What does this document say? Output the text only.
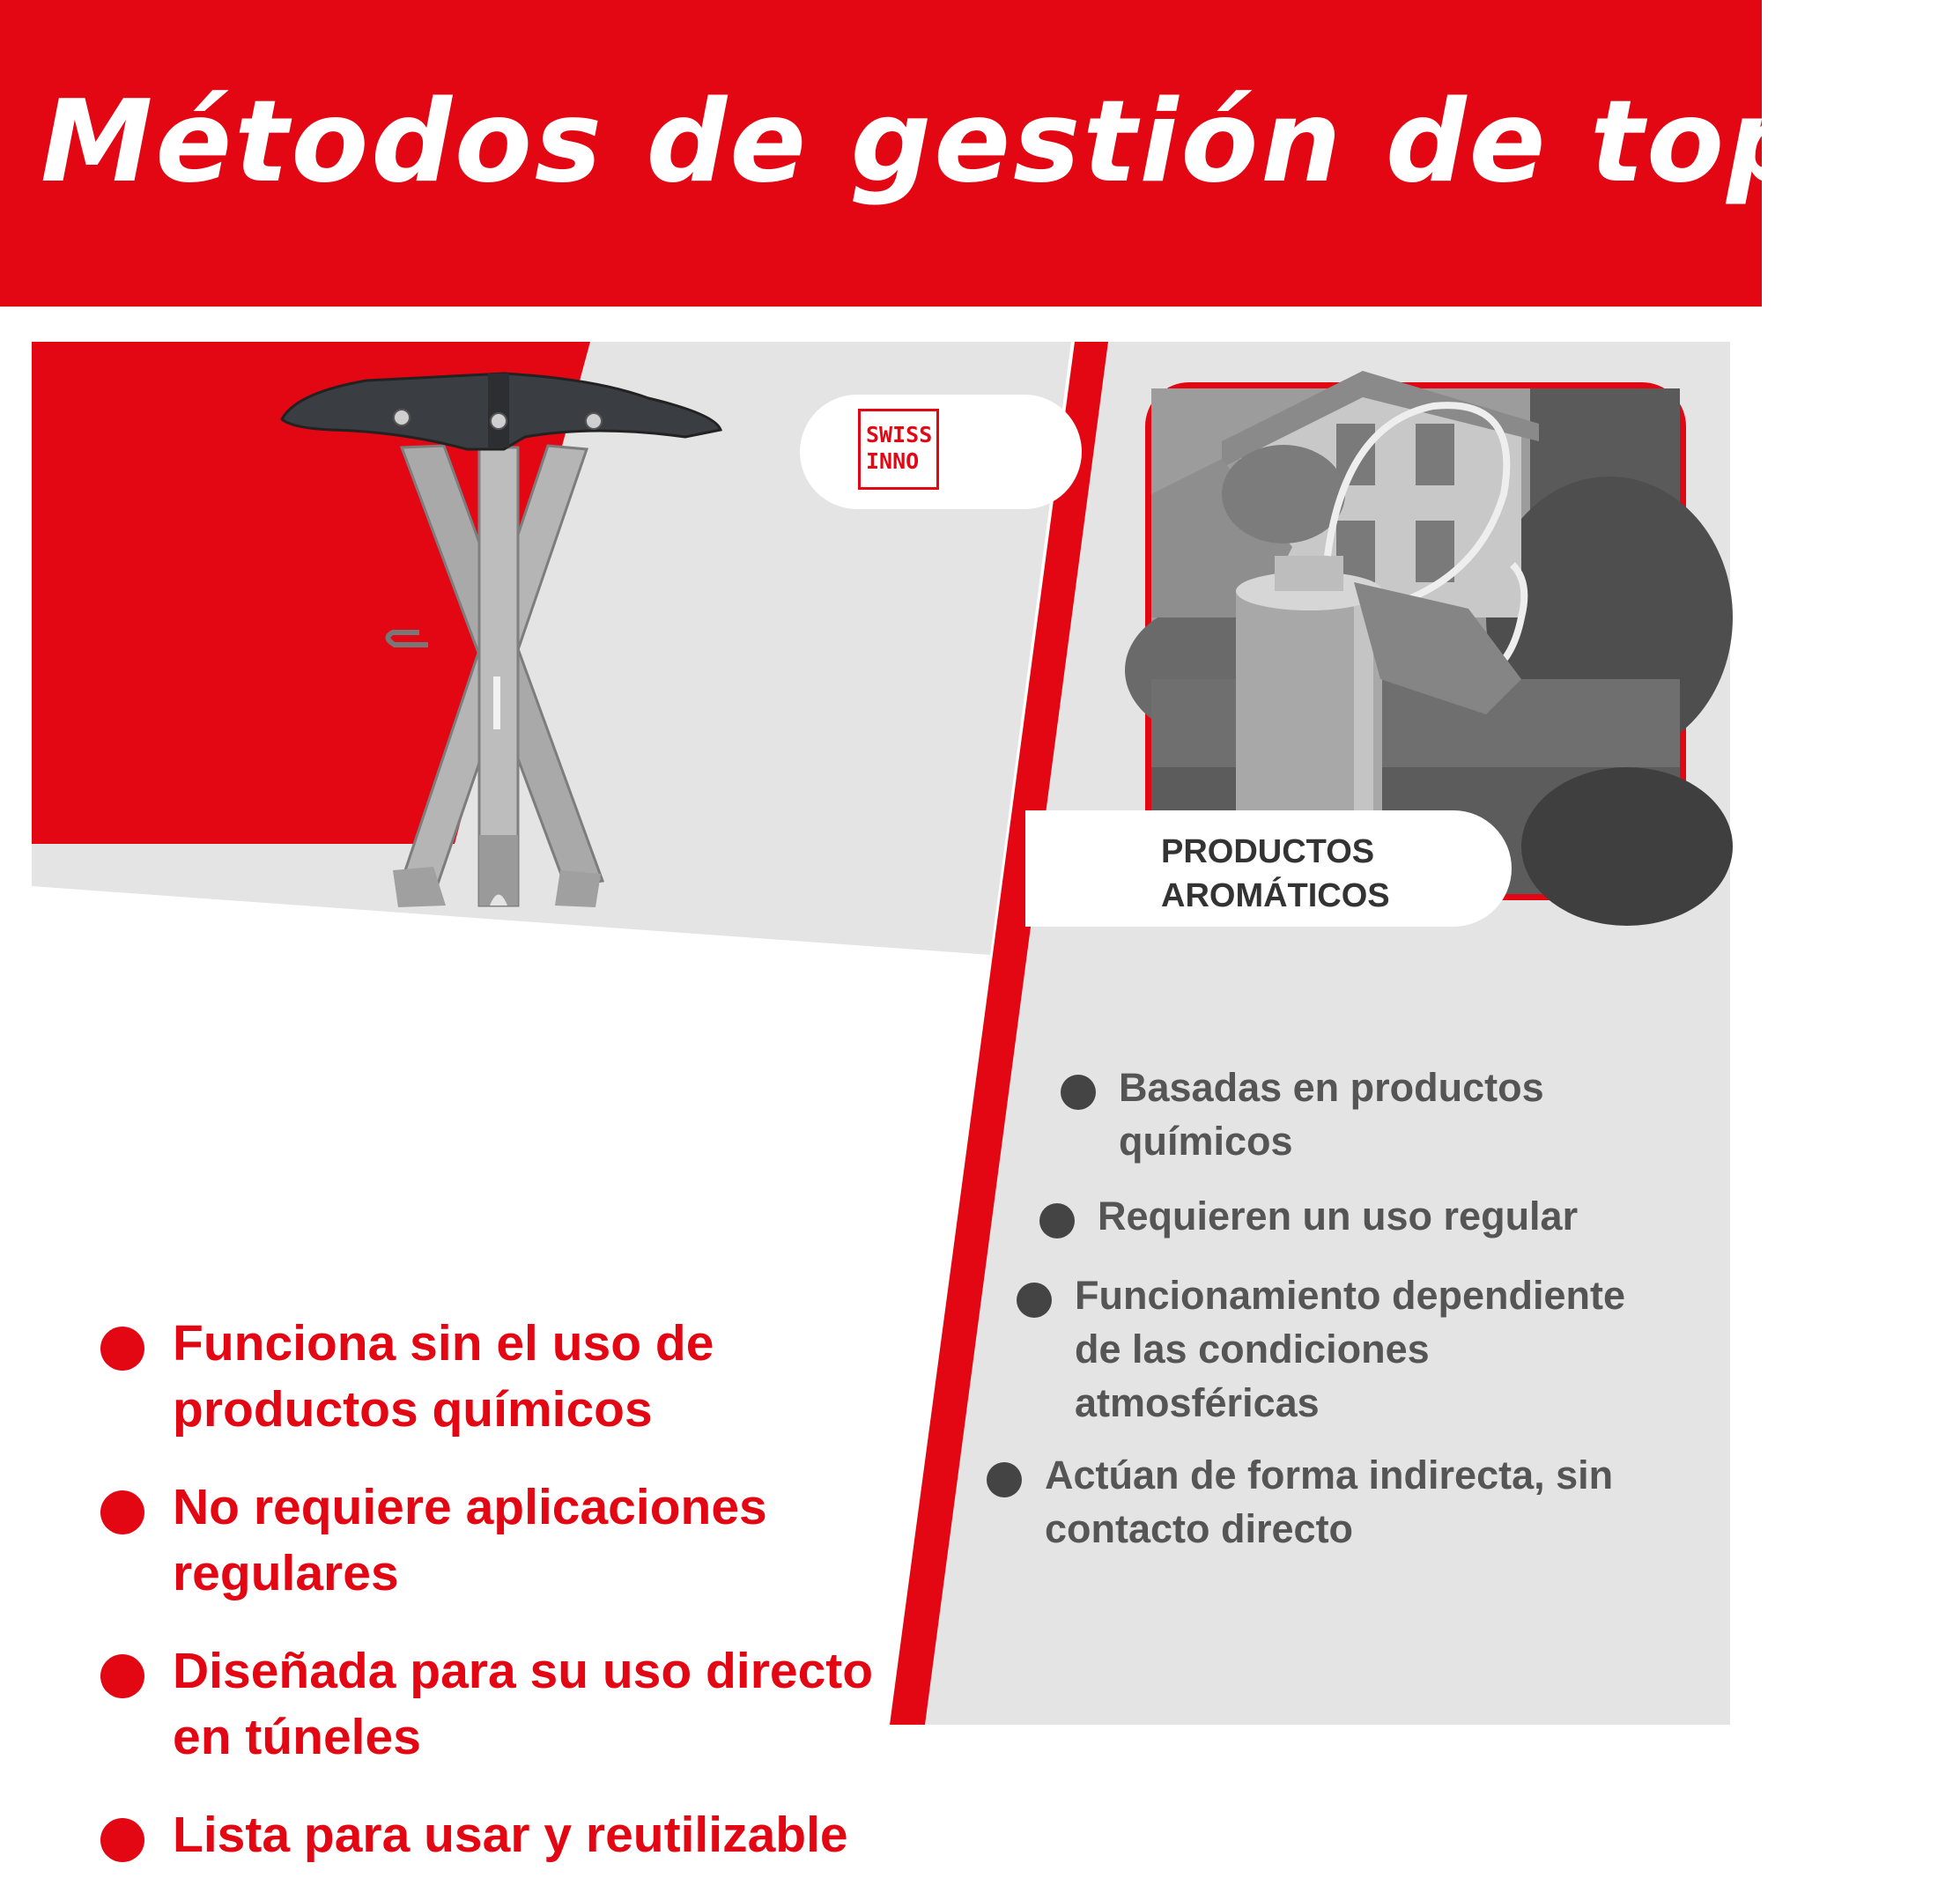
Métodos de gestión de topos
SWISS
INNO
PRODUCTOS AROMÁTICOS
Funciona sin el uso de productos químicos
No requiere aplicaciones regulares
Diseñada para su uso directo en túneles
Lista para usar y reutilizable
Basadas en productos químicos
Requieren un uso regular
Funcionamiento dependiente de las condiciones atmosféricas
Actúan de forma indirecta, sin contacto directo
